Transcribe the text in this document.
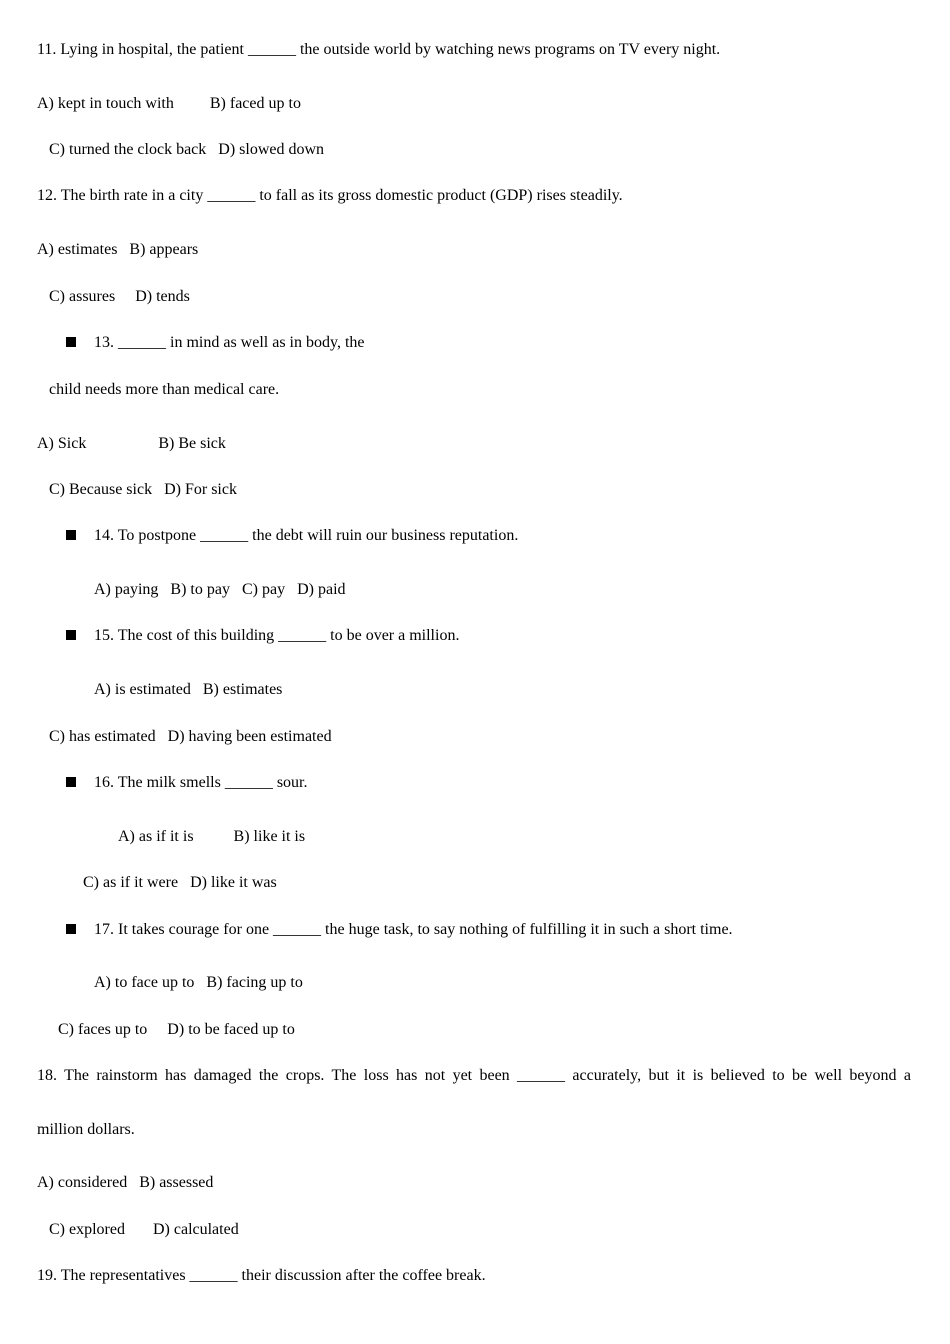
11. Lying in hospital, the patient ______ the outside world by watching news programs on TV every night.
A) kept in touch with         B) faced up to
C) turned the clock back   D) slowed down
12. The birth rate in a city ______ to fall as its gross domestic product (GDP) rises steadily.
A) estimates   B) appears
C) assures     D) tends
13. ______ in mind as well as in body, the
child needs more than medical care.
A) Sick                  B) Be sick
C) Because sick   D) For sick
14. To postpone ______ the debt will ruin our business reputation.
A) paying   B) to pay   C) pay   D) paid
15. The cost of this building ______ to be over a million.
A) is estimated   B) estimates
C) has estimated   D) having been estimated
16. The milk smells ______ sour.
A) as if it is          B) like it is
C) as if it were   D) like it was
17. It takes courage for one ______ the huge task, to say nothing of fulfilling it in such a short time.
A) to face up to   B) facing up to
C) faces up to     D) to be faced up to
18. The rainstorm has damaged the crops. The loss has not yet been ______ accurately, but it is believed to be well beyond a
million dollars.
A) considered   B) assessed
C) explored       D) calculated
19. The representatives ______ their discussion after the coffee break.
